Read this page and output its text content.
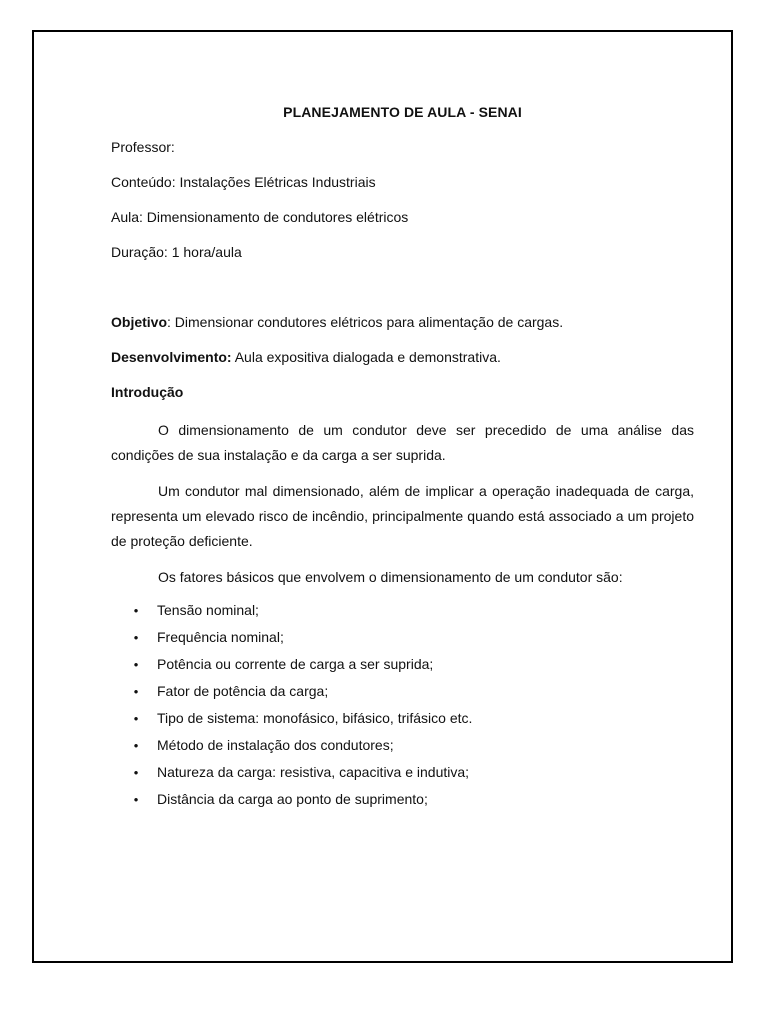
PLANEJAMENTO DE AULA - SENAI
Professor:
Conteúdo: Instalações Elétricas Industriais
Aula: Dimensionamento de condutores elétricos
Duração: 1 hora/aula
Objetivo: Dimensionar condutores elétricos para alimentação de cargas.
Desenvolvimento: Aula expositiva dialogada e demonstrativa.
Introdução

O dimensionamento de um condutor deve ser precedido de uma análise das condições de sua instalação e da carga a ser suprida.

Um condutor mal dimensionado, além de implicar a operação inadequada de carga, representa um elevado risco de incêndio, principalmente quando está associado a um projeto de proteção deficiente.

Os fatores básicos que envolvem o dimensionamento de um condutor são:

• Tensão nominal;
• Frequência nominal;
• Potência ou corrente de carga a ser suprida;
• Fator de potência da carga;
• Tipo de sistema: monofásico, bifásico, trifásico etc.
• Método de instalação dos condutores;
• Natureza da carga: resistiva, capacitiva e indutiva;
• Distância da carga ao ponto de suprimento;
